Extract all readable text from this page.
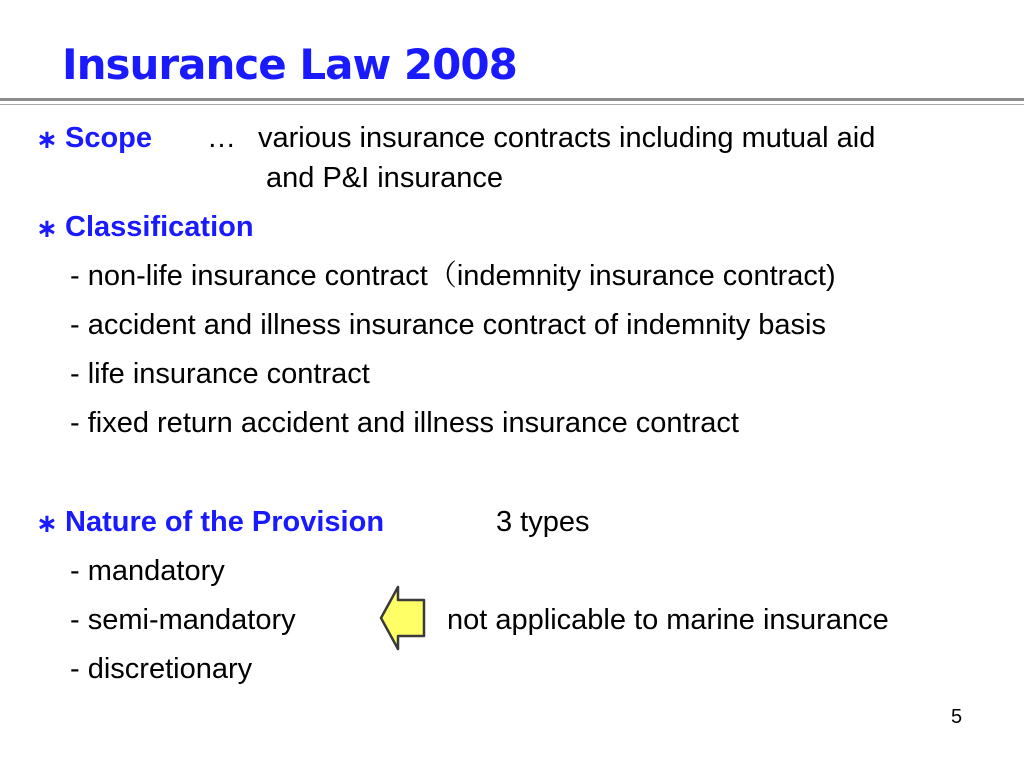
Insurance Law 2008
∗ Scope … various insurance contracts including mutual aid
and P&I insurance
∗ Classification
- non-life insurance contract（indemnity insurance contract)
- accident and illness insurance contract of indemnity basis
- life insurance contract
- fixed return accident and illness insurance contract
∗ Nature of the Provision	3 types
- mandatory
- semi-mandatory
- discretionary
not applicable to marine insurance
5
